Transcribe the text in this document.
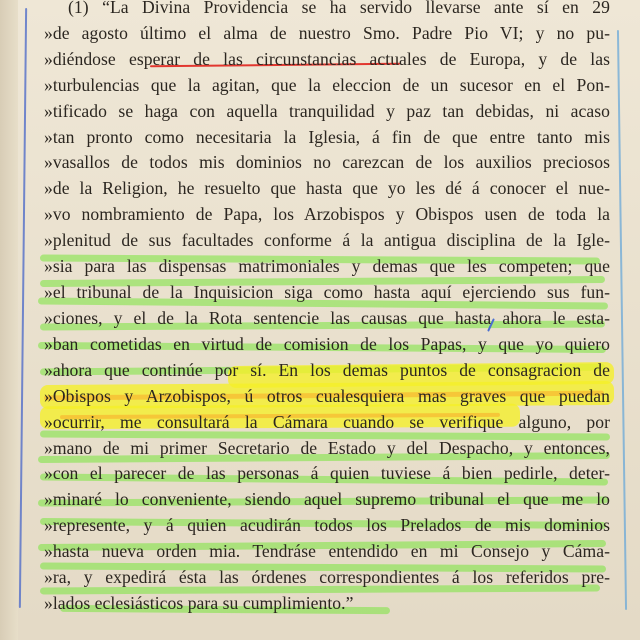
(1) “La Divina Providencia se ha servido llevarse ante sí en 29
»de agosto último el alma de nuestro Smo. Padre Pio VI; y no pu-
»diéndose esperar de las circunstancias actuales de Europa, y de las
»turbulencias que la agitan, que la eleccion de un sucesor en el Pon-
»tificado se haga con aquella tranquilidad y paz tan debidas, ni acaso
»tan pronto como necesitaria la Iglesia, á fin de que entre tanto mis
»vasallos de todos mis dominios no carezcan de los auxilios preciosos
»de la Religion, he resuelto que hasta que yo les dé á conocer el nue-
»vo nombramiento de Papa, los Arzobispos y Obispos usen de toda la
»plenitud de sus facultades conforme á la antigua disciplina de la Igle-
»sia para las dispensas matrimoniales y demas que les competen; que
»el tribunal de la Inquisicion siga como hasta aquí ejerciendo sus fun-
»ciones, y el de la Rota sentencie las causas que hasta ahora le esta-
»ban cometidas en virtud de comision de los Papas, y que yo quiero
»ahora que continúe por sí. En los demas puntos de consagracion de
»Obispos y Arzobispos, ú otros cualesquiera mas graves que puedan
»ocurrir, me consultará la Cámara cuando se verifique alguno, por
»mano de mi primer Secretario de Estado y del Despacho, y entonces,
»con el parecer de las personas á quien tuviese á bien pedirle, deter-
»minaré lo conveniente, siendo aquel supremo tribunal el que me lo
»represente, y á quien acudirán todos los Prelados de mis dominios
»hasta nueva orden mia. Tendráse entendido en mi Consejo y Cáma-
»ra, y expedirá ésta las órdenes correspondientes á los referidos pre-
»lados eclesiásticos para su cumplimiento.”
